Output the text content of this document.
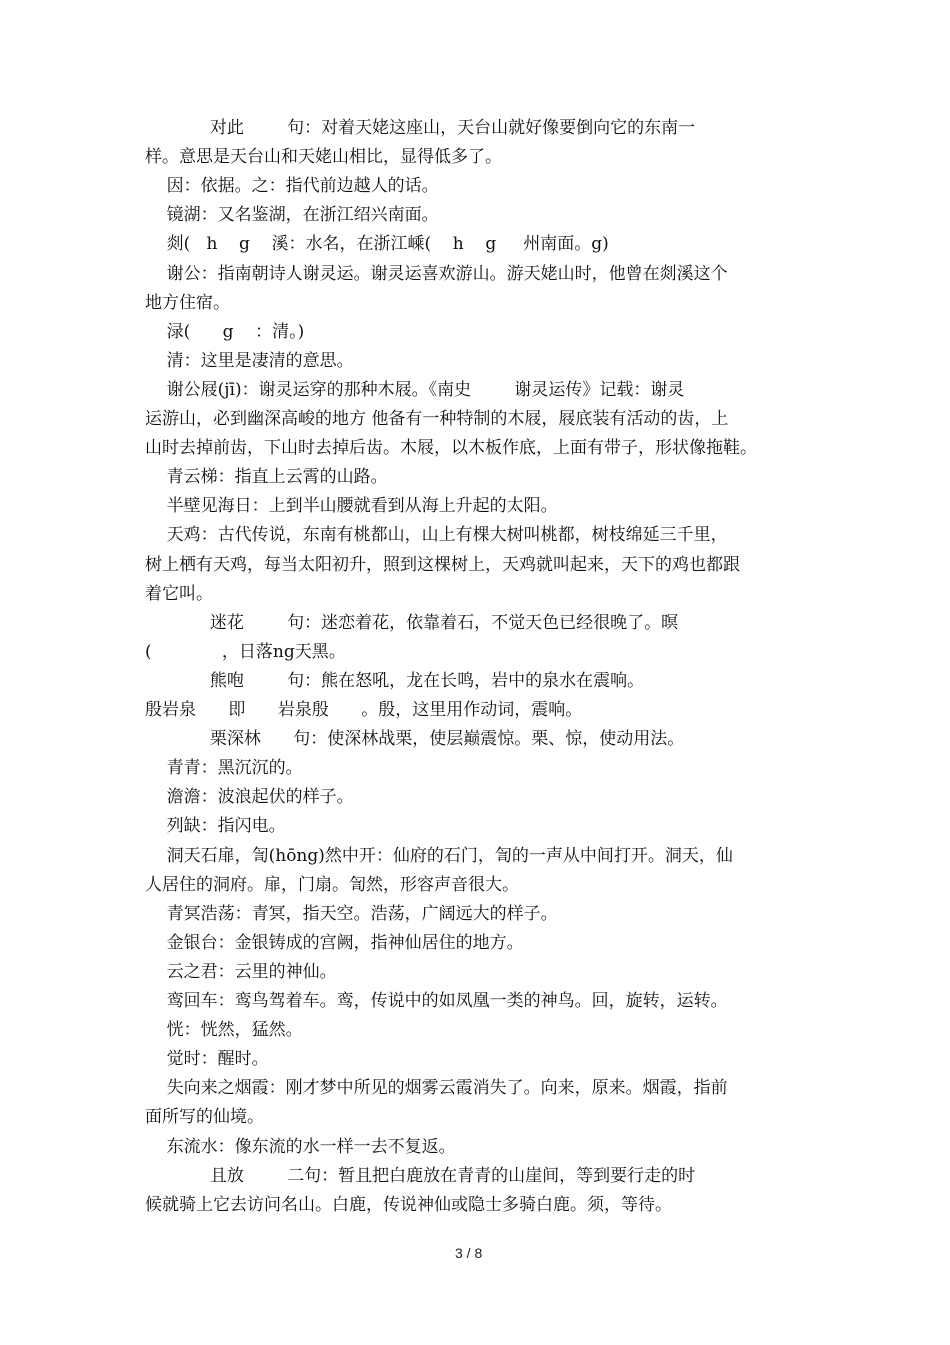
对此        句：对着天姥这座山，天台山就好像要倒向它的东南一
样。意思是天台山和天姥山相比，显得低多了。
因：依据。之：指代前边越人的话。
镜湖：又名鉴湖，在浙江绍兴南面。
剡(   h    g    溪：水名，在浙江嵊(    h    g     州南面。g)
谢公：指南朝诗人谢灵运。谢灵运喜欢游山。游天姥山时，他曾在剡溪这个
地方住宿。
渌(      g    ：清。)
清：这里是凄清的意思。
谢公屐(jī)：谢灵运穿的那种木屐。《南史        谢灵运传》记载：谢灵
运游山，必到幽深高峻的地方 他备有一种特制的木屐，屐底装有活动的齿，上
山时去掉前齿，下山时去掉后齿。木屐，以木板作底，上面有带子，形状像拖鞋。
青云梯：指直上云霄的山路。
半壁见海日：上到半山腰就看到从海上升起的太阳。
天鸡：古代传说，东南有桃都山，山上有棵大树叫桃都，树枝绵延三千里，
树上栖有天鸡，每当太阳初升，照到这棵树上，天鸡就叫起来，天下的鸡也都跟
着它叫。
迷花        句：迷恋着花，依靠着石，不觉天色已经很晚了。暝
(             ，日落ng天黑。
熊咆        句：熊在怒吼，龙在长鸣，岩中的泉水在震响。
殷岩泉      即      岩泉殷      。殷，这里用作动词，震响。
栗深林      句：使深林战栗，使层巅震惊。栗、惊，使动用法。
青青：黑沉沉的。
澹澹：波浪起伏的样子。
列缺：指闪电。
洞天石扉，訇(hōng)然中开：仙府的石门，訇的一声从中间打开。洞天，仙
人居住的洞府。扉，门扇。訇然，形容声音很大。
青冥浩荡：青冥，指天空。浩荡，广阔远大的样子。
金银台：金银铸成的宫阙，指神仙居住的地方。
云之君：云里的神仙。
鸾回车：鸾鸟驾着车。鸾，传说中的如凤凰一类的神鸟。回，旋转，运转。
恍：恍然，猛然。
觉时：醒时。
失向来之烟霞：刚才梦中所见的烟雾云霞消失了。向来，原来。烟霞，指前
面所写的仙境。
东流水：像东流的水一样一去不复返。
且放        二句：暂且把白鹿放在青青的山崖间，等到要行走的时
候就骑上它去访问名山。白鹿，传说神仙或隐士多骑白鹿。须，等待。
3 / 8
